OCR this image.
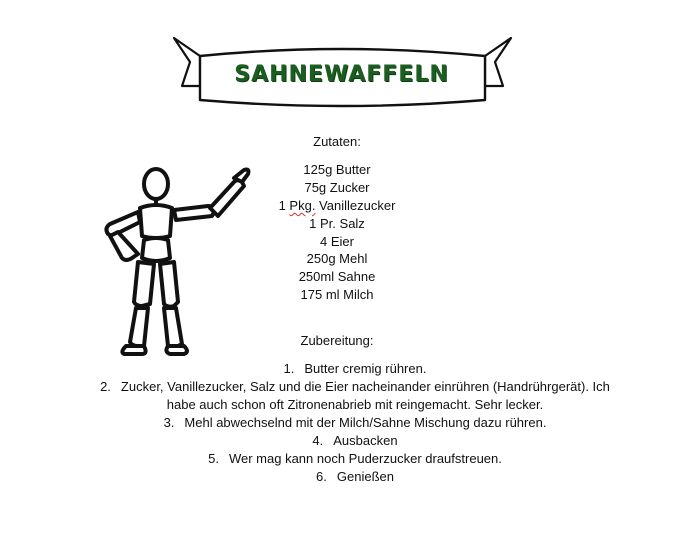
SAHNEWAFFELN
Zutaten:
125g Butter
75g Zucker
1 Pkg. Vanillezucker
1 Pr. Salz
4 Eier
250g Mehl
250ml Sahne
175 ml Milch
Zubereitung:
1. Butter cremig rühren.
2. Zucker, Vanillezucker, Salz und die Eier nacheinander einrühren (Handrührgerät). Ich habe auch schon oft Zitronenabrieb mit reingemacht. Sehr lecker.
3. Mehl abwechselnd mit der Milch/Sahne Mischung dazu rühren.
4. Ausbacken
5. Wer mag kann noch Puderzucker draufstreuen.
6. Genießen
